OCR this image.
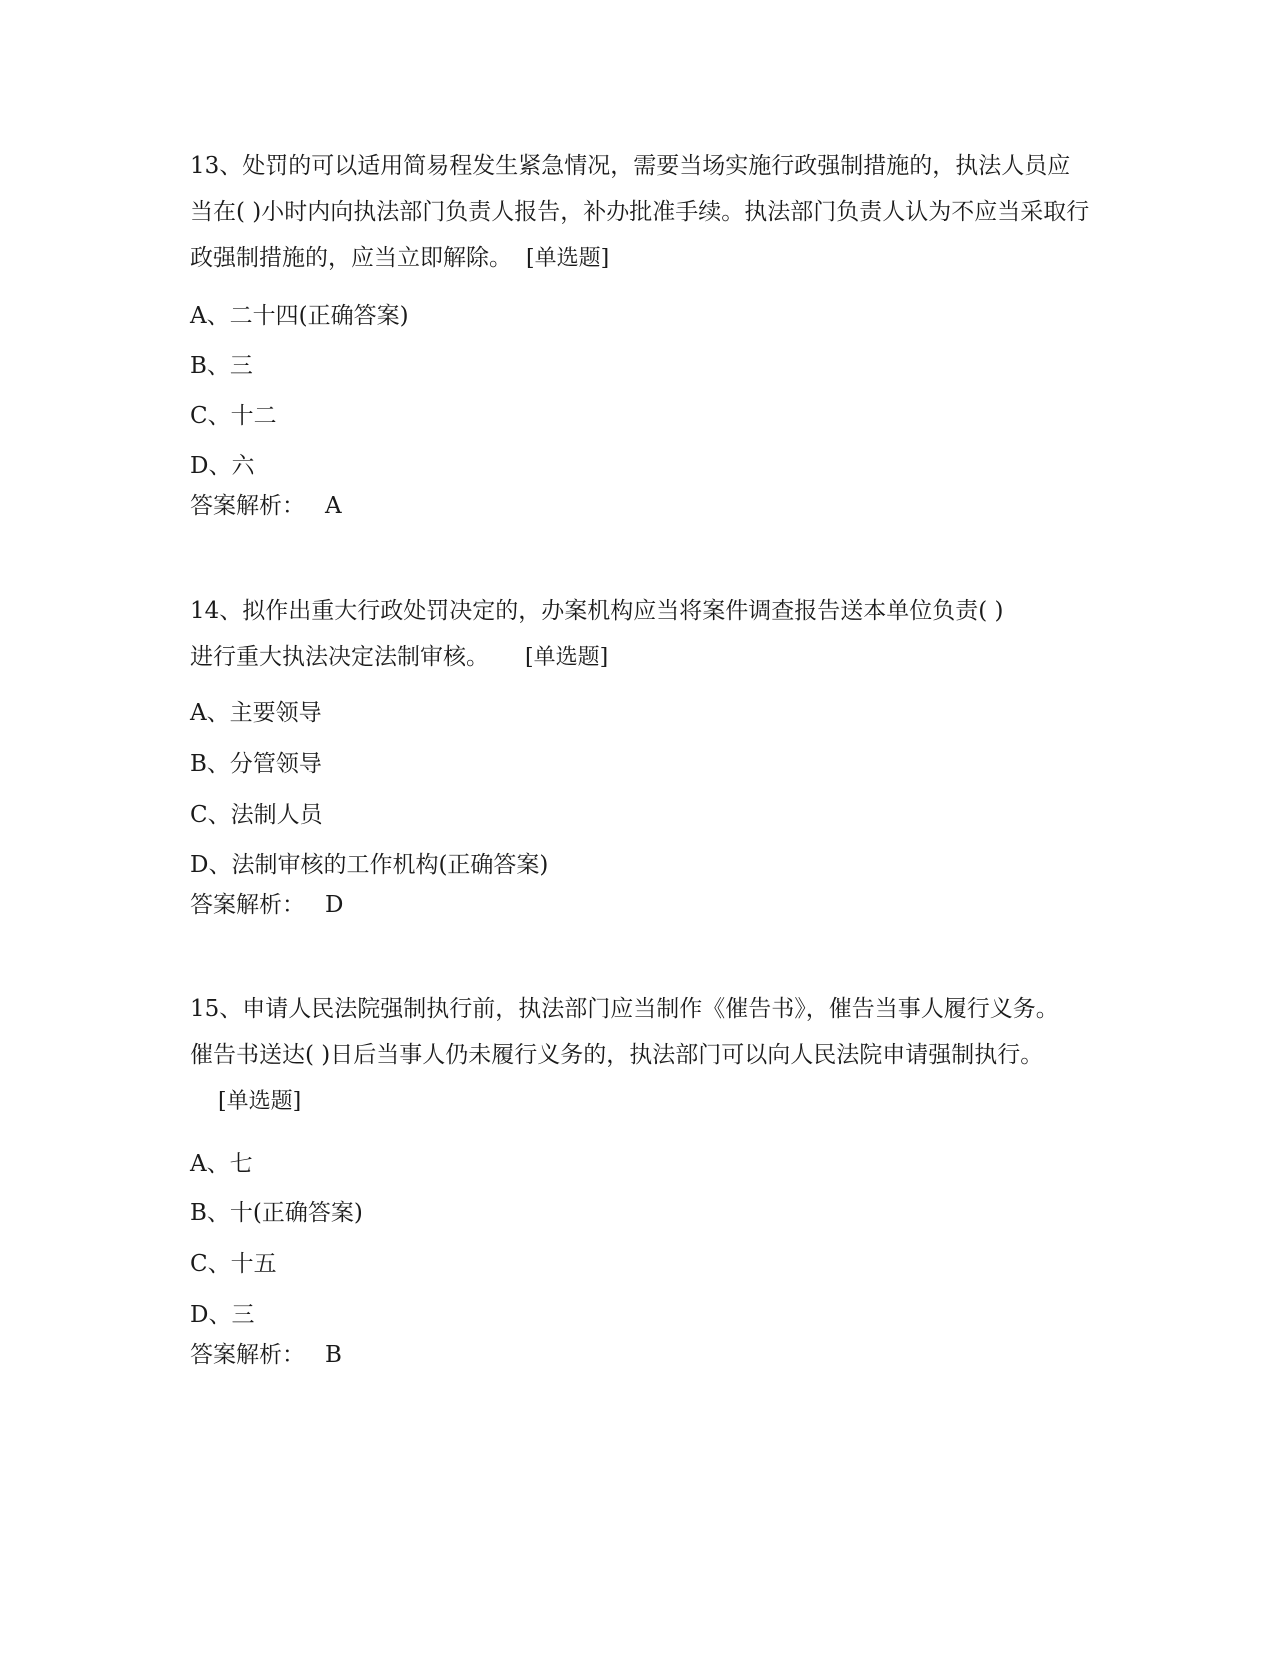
13、处罚的可以适用简易程发生紧急情况，需要当场实施行政强制措施的，执法人员应当在( )小时内向执法部门负责人报告，补办批准手续。执法部门负责人认为不应当采取行政强制措施的，应当立即解除。 [单选题]

A、二十四(正确答案)

B、三

C、十二

D、六

答案解析： A

14、拟作出重大行政处罚决定的，办案机构应当将案件调查报告送本单位负责( )进行重大执法决定法制审核。 [单选题]

A、主要领导

B、分管领导

C、法制人员

D、法制审核的工作机构(正确答案)

答案解析： D

15、申请人民法院强制执行前，执法部门应当制作《催告书》，催告当事人履行义务。催告书送达( )日后当事人仍未履行义务的，执法部门可以向人民法院申请强制执行。[单选题]

A、七

B、十(正确答案)

C、十五

D、三

答案解析： B
